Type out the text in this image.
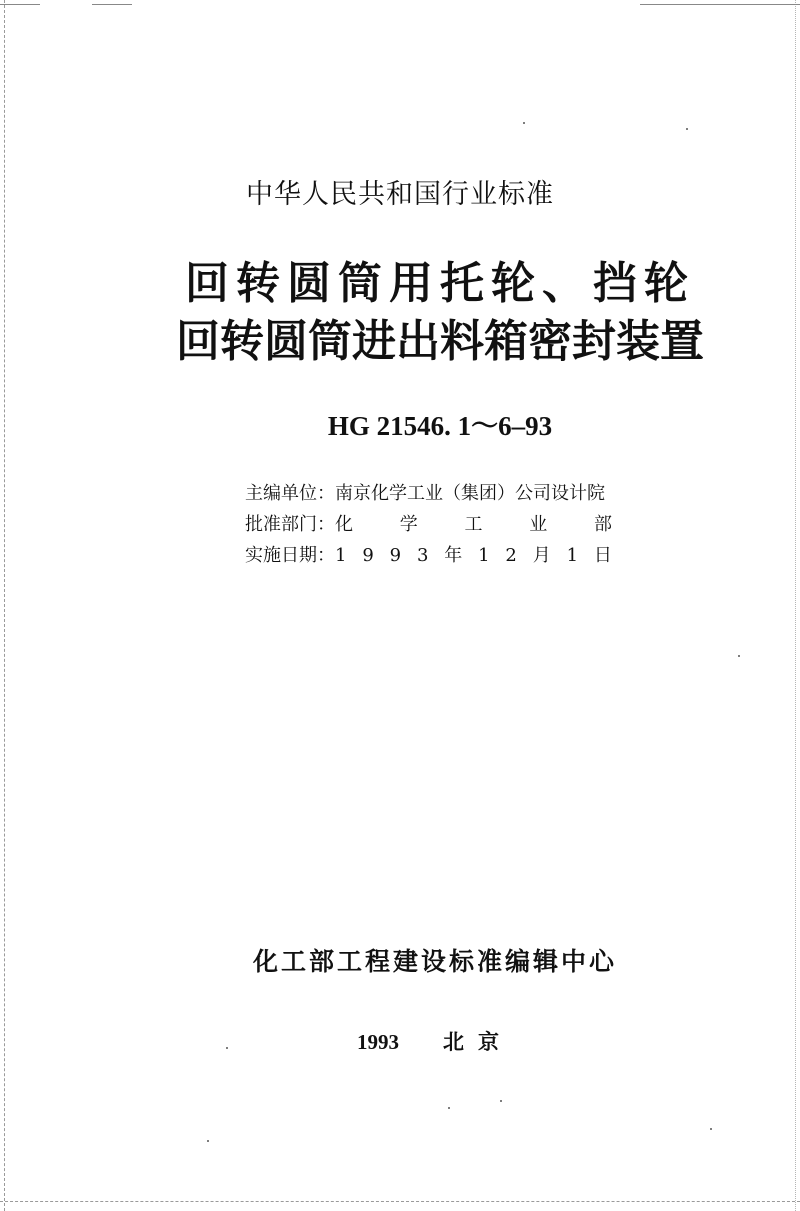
中华人民共和国行业标准
回转圆筒用托轮、挡轮
回转圆筒进出料箱密封装置
HG 21546. 1～6–93
主编单位：南京化学工业（集团）公司设计院
批准部门： 化	学	工	业	部
实施日期： 1 9 9 3 年 1 2 月 1 日
化工部工程建设标准编辑中心
1993 北京
